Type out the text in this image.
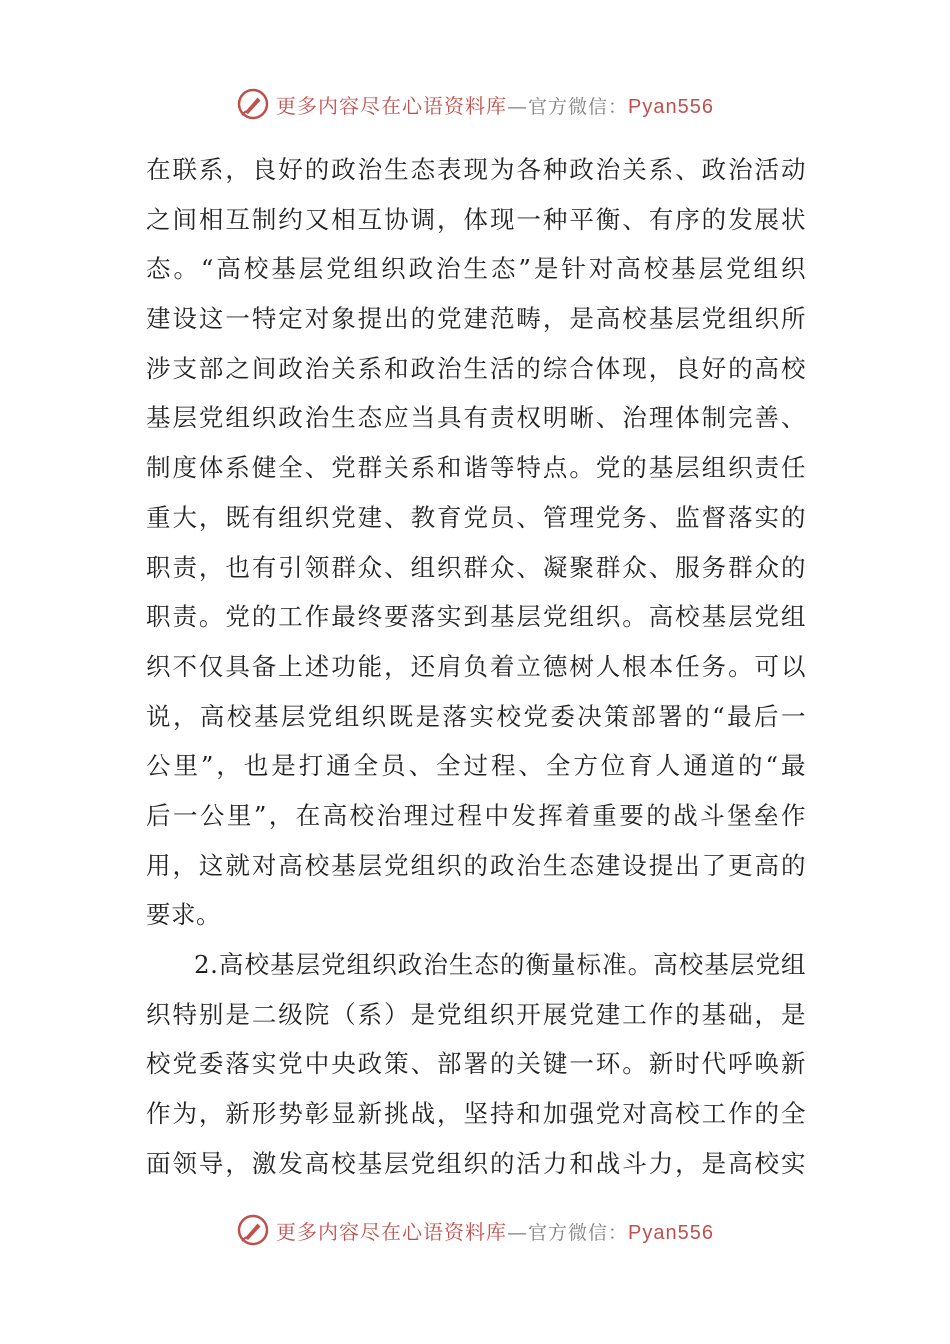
更多内容尽在心语资料库—官方微信：Pyan556
在联系，良好的政治生态表现为各种政治关系、政治活动
之间相互制约又相互协调，体现一种平衡、有序的发展状
态。“高校基层党组织政治生态”是针对高校基层党组织
建设这一特定对象提出的党建范畴，是高校基层党组织所
涉支部之间政治关系和政治生活的综合体现，良好的高校
基层党组织政治生态应当具有责权明晰、治理体制完善、
制度体系健全、党群关系和谐等特点。党的基层组织责任
重大，既有组织党建、教育党员、管理党务、监督落实的
职责，也有引领群众、组织群众、凝聚群众、服务群众的
职责。党的工作最终要落实到基层党组织。高校基层党组
织不仅具备上述功能，还肩负着立德树人根本任务。可以
说，高校基层党组织既是落实校党委决策部署的“最后一
公里”，也是打通全员、全过程、全方位育人通道的“最
后一公里”，在高校治理过程中发挥着重要的战斗堡垒作
用，这就对高校基层党组织的政治生态建设提出了更高的
要求。
2.高校基层党组织政治生态的衡量标准。高校基层党组
织特别是二级院（系）是党组织开展党建工作的基础，是
校党委落实党中央政策、部署的关键一环。新时代呼唤新
作为，新形势彰显新挑战，坚持和加强党对高校工作的全
面领导，激发高校基层党组织的活力和战斗力，是高校实
更多内容尽在心语资料库—官方微信：Pyan556
